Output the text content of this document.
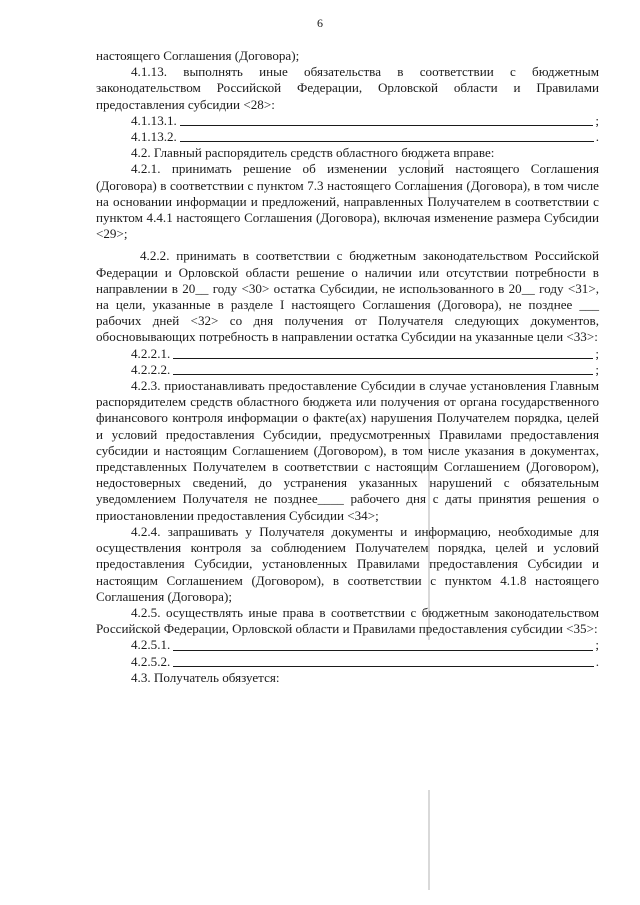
6

настоящего Соглашения (Договора);

4.1.13. выполнять иные обязательства в соответствии с бюджетным законодательством Российской Федерации, Орловской области и Правилами предоставления субсидии <28>:

4.1.13.1.	;
4.1.13.2.	.

4.2. Главный распорядитель средств областного бюджета вправе:

4.2.1. принимать решение об изменении условий настоящего Соглашения (Договора) в соответствии с пунктом 7.3 настоящего Соглашения (Договора), в том числе на основании информации и предложений, направленных Получателем в соответствии с пунктом 4.4.1 настоящего Соглашения (Договора), включая изменение размера Субсидии <29>;

4.2.2. принимать в соответствии с бюджетным законодательством Российской Федерации и Орловской области решение о наличии или отсутствии потребности в направлении в 20__ году <30> остатка Субсидии, не использованного в 20__ году <31>, на цели, указанные в разделе I настоящего Соглашения (Договора), не позднее ___ рабочих дней <32> со дня получения от Получателя следующих документов, обосновывающих потребность в направлении остатка Субсидии на указанные цели <33>:

4.2.2.1.	;
4.2.2.2.	;

4.2.3. приостанавливать предоставление Субсидии в случае установления Главным распорядителем средств областного бюджета или получения от органа государственного финансового контроля информации о факте(ах) нарушения Получателем порядка, целей и условий предоставления Субсидии, предусмотренных Правилами предоставления субсидии и настоящим Соглашением (Договором), в том числе указания в документах, представленных Получателем в соответствии с настоящим Соглашением (Договором), недостоверных сведений, до устранения указанных нарушений с обязательным уведомлением Получателя не позднее____ рабочего дня с даты принятия решения о приостановлении предоставления Субсидии <34>;

4.2.4. запрашивать у Получателя документы и информацию, необходимые для осуществления контроля за соблюдением Получателем порядка, целей и условий предоставления Субсидии, установленных Правилами предоставления Субсидии и настоящим Соглашением (Договором), в соответствии с пунктом 4.1.8 настоящего Соглашения (Договора);

4.2.5. осуществлять иные права в соответствии с бюджетным законодательством Российской Федерации, Орловской области и Правилами предоставления субсидии <35>:

4.2.5.1.	;
4.2.5.2.	.

4.3. Получатель обязуется:
